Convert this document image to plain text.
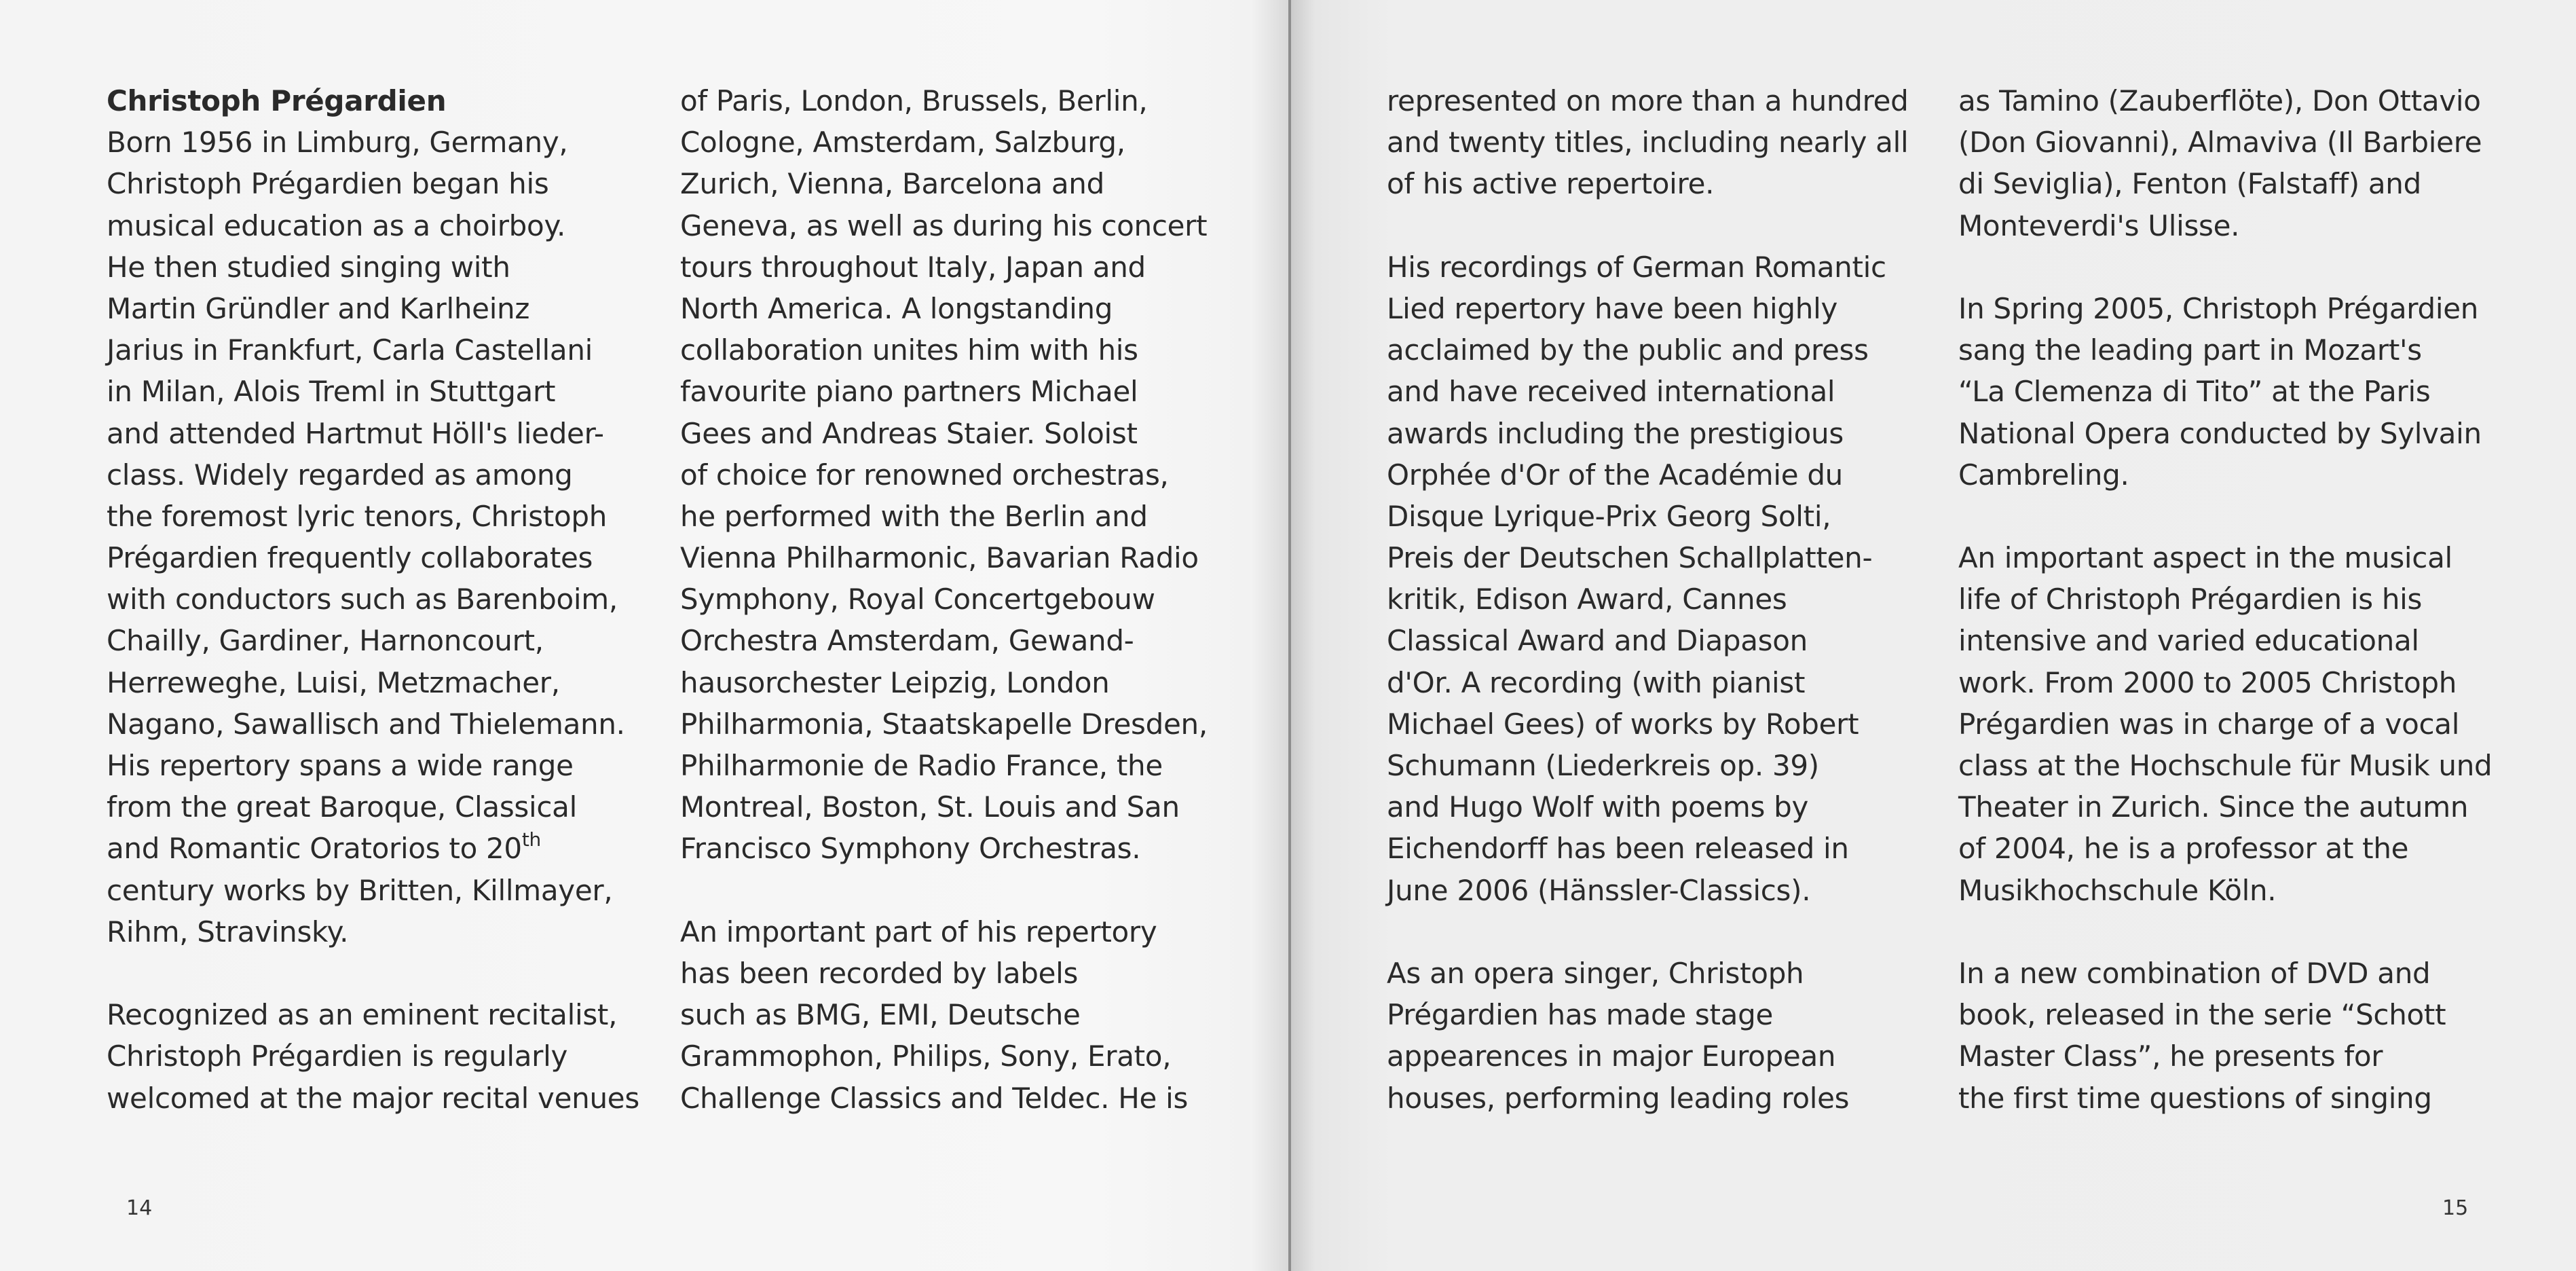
Christoph Prégardien
Born 1956 in Limburg, Germany,
Christoph Prégardien began his
musical education as a choirboy.
He then studied singing with
Martin Gründler and Karlheinz
Jarius in Frankfurt, Carla Castellani
in Milan, Alois Treml in Stuttgart
and attended Hartmut Höll's lieder-
class. Widely regarded as among
the foremost lyric tenors, Christoph
Prégardien frequently collaborates
with conductors such as Barenboim,
Chailly, Gardiner, Harnoncourt,
Herreweghe, Luisi, Metzmacher,
Nagano, Sawallisch and Thielemann.
His repertory spans a wide range
from the great Baroque, Classical
and Romantic Oratorios to 20th
century works by Britten, Killmayer,
Rihm, Stravinsky.
Recognized as an eminent recitalist,
Christoph Prégardien is regularly
welcomed at the major recital venues
of Paris, London, Brussels, Berlin,
Cologne, Amsterdam, Salzburg,
Zurich, Vienna, Barcelona and
Geneva, as well as during his concert
tours throughout Italy, Japan and
North America. A longstanding
collaboration unites him with his
favourite piano partners Michael
Gees and Andreas Staier. Soloist
of choice for renowned orchestras,
he performed with the Berlin and
Vienna Philharmonic, Bavarian Radio
Symphony, Royal Concertgebouw
Orchestra Amsterdam, Gewand-
hausorchester Leipzig, London
Philharmonia, Staatskapelle Dresden,
Philharmonie de Radio France, the
Montreal, Boston, St. Louis and San
Francisco Symphony Orchestras.
An important part of his repertory
has been recorded by labels
such as BMG, EMI, Deutsche
Grammophon, Philips, Sony, Erato,
Challenge Classics and Teldec. He is
14
represented on more than a hundred
and twenty titles, including nearly all
of his active repertoire.
His recordings of German Romantic
Lied repertory have been highly
acclaimed by the public and press
and have received international
awards including the prestigious
Orphée d'Or of the Académie du
Disque Lyrique-Prix Georg Solti,
Preis der Deutschen Schallplatten-
kritik, Edison Award, Cannes
Classical Award and Diapason
d'Or. A recording (with pianist
Michael Gees) of works by Robert
Schumann (Liederkreis op. 39)
and Hugo Wolf with poems by
Eichendorff has been released in
June 2006 (Hänssler-Classics).
As an opera singer, Christoph
Prégardien has made stage
appearences in major European
houses, performing leading roles
as Tamino (Zauberflöte), Don Ottavio
(Don Giovanni), Almaviva (Il Barbiere
di Seviglia), Fenton (Falstaff) and
Monteverdi's Ulisse.
In Spring 2005, Christoph Prégardien
sang the leading part in Mozart's
“La Clemenza di Tito” at the Paris
National Opera conducted by Sylvain
Cambreling.
An important aspect in the musical
life of Christoph Prégardien is his
intensive and varied educational
work. From 2000 to 2005 Christoph
Prégardien was in charge of a vocal
class at the Hochschule für Musik und
Theater in Zurich. Since the autumn
of 2004, he is a professor at the
Musikhochschule Köln.
In a new combination of DVD and
book, released in the serie “Schott
Master Class”, he presents for
the first time questions of singing
15
